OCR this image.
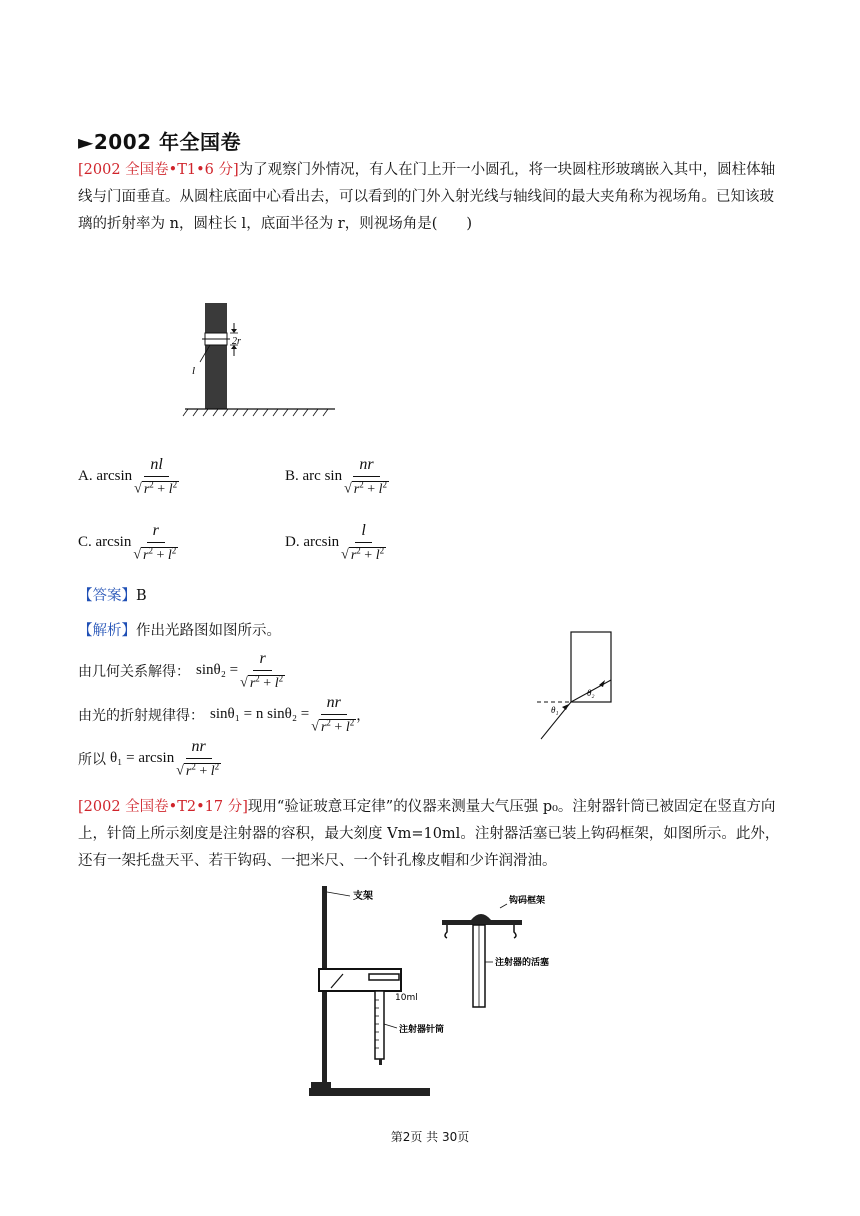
►2002 年全国卷
[2002 全国卷•T1•6 分]为了观察门外情况，有人在门上开一小圆孔，将一块圆柱形玻璃嵌入其中，圆柱体轴线与门面垂直。从圆柱底面中心看出去，可以看到的门外入射光线与轴线间的最大夹角称为视场角。已知该玻璃的折射率为 n，圆柱长 l，底面半径为 r，则视场角是(　　)
2r
l
A. $\arcsin \frac{nl}{√ r^2 + l^2}$	B. arc $\sin \frac{nr}{√ r^2 + l^2}$
C. $\arcsin \frac{r}{√ r^2 + l^2}$	D. $\arcsin \frac{l}{√ r^2 + l^2}$
【答案】B
【解析】作出光路图如图所示。
由几何关系解得： $\sin\theta_2 = \frac{r}{√ r^2 + l^2}$
由光的折射规律得： sinθ₁ = n $\sin\theta_2 = \frac{nr}{√ r^2 + l^2}$ ，
所以 $\theta_1 = \arcsin \frac{nr}{√ r^2 + l^2}$
θ₂
θ₁
[2002 全国卷•T2•17 分]现用“验证玻意耳定律”的仪器来测量大气压强 p₀。注射器针筒已被固定在竖直方向上，针筒上所示刻度是注射器的容积，最大刻度 Vm=10ml。注射器活塞已装上钩码框架，如图所示。此外，还有一架托盘天平、若干钩码、一把米尺、一个针孔橡皮帽和少许润滑油。
支架
10ml
注射器针筒
钩码框架
注射器的活塞
第2页 共 30页
